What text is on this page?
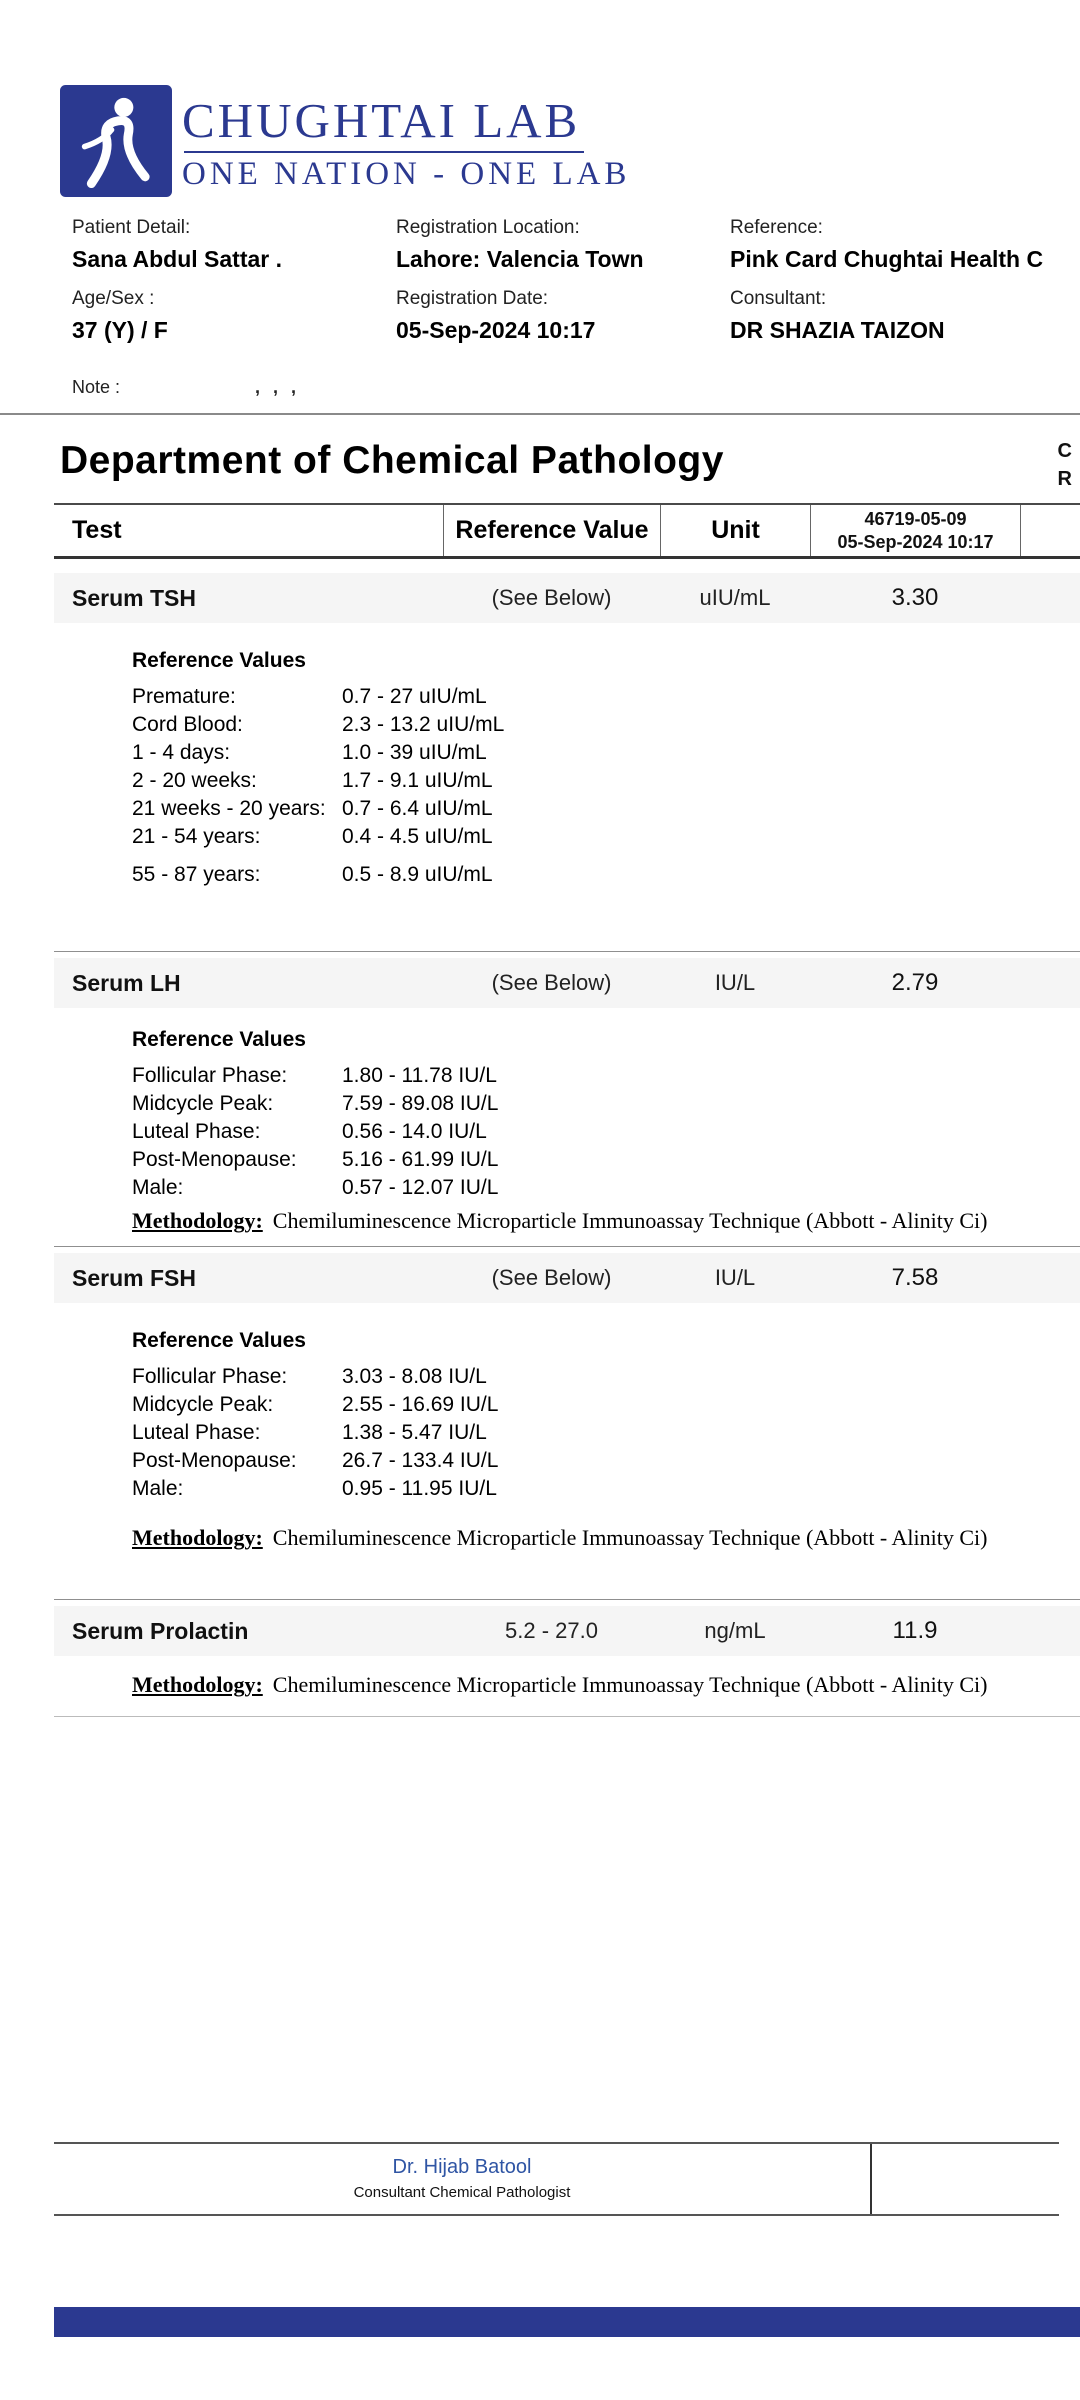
CHUGHTAI LAB
ONE NATION - ONE LAB
Patient Detail:
Sana Abdul Sattar .
Age/Sex :
37 (Y) / F
Registration Location:
Lahore: Valencia Town
Registration Date:
05-Sep-2024 10:17
Reference:
Pink Card Chughtai Health C
Consultant:
DR SHAZIA TAIZON
Note :	, , ,
Department of Chemical Pathology	C
R
Test	Reference Value	Unit	46719-05-09
05-Sep-2024 10:17
Serum TSH	(See Below)	uIU/mL	3.30
Reference Values
Premature:	0.7 - 27 uIU/mL
Cord Blood:	2.3 - 13.2 uIU/mL
1 - 4 days:	1.0 - 39 uIU/mL
2 - 20 weeks:	1.7 - 9.1 uIU/mL
21 weeks - 20 years: 0.7 - 6.4 uIU/mL
21 - 54 years:	0.4 - 4.5 uIU/mL
55 - 87 years:	0.5 - 8.9 uIU/mL
Serum LH	(See Below)	IU/L	2.79
Reference Values
Follicular Phase:	1.80 - 11.78 IU/L
Midcycle Peak:	7.59 - 89.08 IU/L
Luteal Phase:	0.56 - 14.0 IU/L
Post-Menopause:	5.16 - 61.99 IU/L
Male:	0.57 - 12.07 IU/L
Methodology: Chemiluminescence Microparticle Immunoassay Technique (Abbott - Alinity Ci)
Serum FSH	(See Below)	IU/L	7.58
Reference Values
Follicular Phase:	3.03 - 8.08 IU/L
Midcycle Peak:	2.55 - 16.69 IU/L
Luteal Phase:	1.38 - 5.47 IU/L
Post-Menopause:	26.7 - 133.4 IU/L
Male:	0.95 - 11.95 IU/L
Methodology: Chemiluminescence Microparticle Immunoassay Technique (Abbott - Alinity Ci)
Serum Prolactin	5.2 - 27.0	ng/mL	11.9
Methodology: Chemiluminescence Microparticle Immunoassay Technique (Abbott - Alinity Ci)
Dr. Hijab Batool
Consultant Chemical Pathologist
